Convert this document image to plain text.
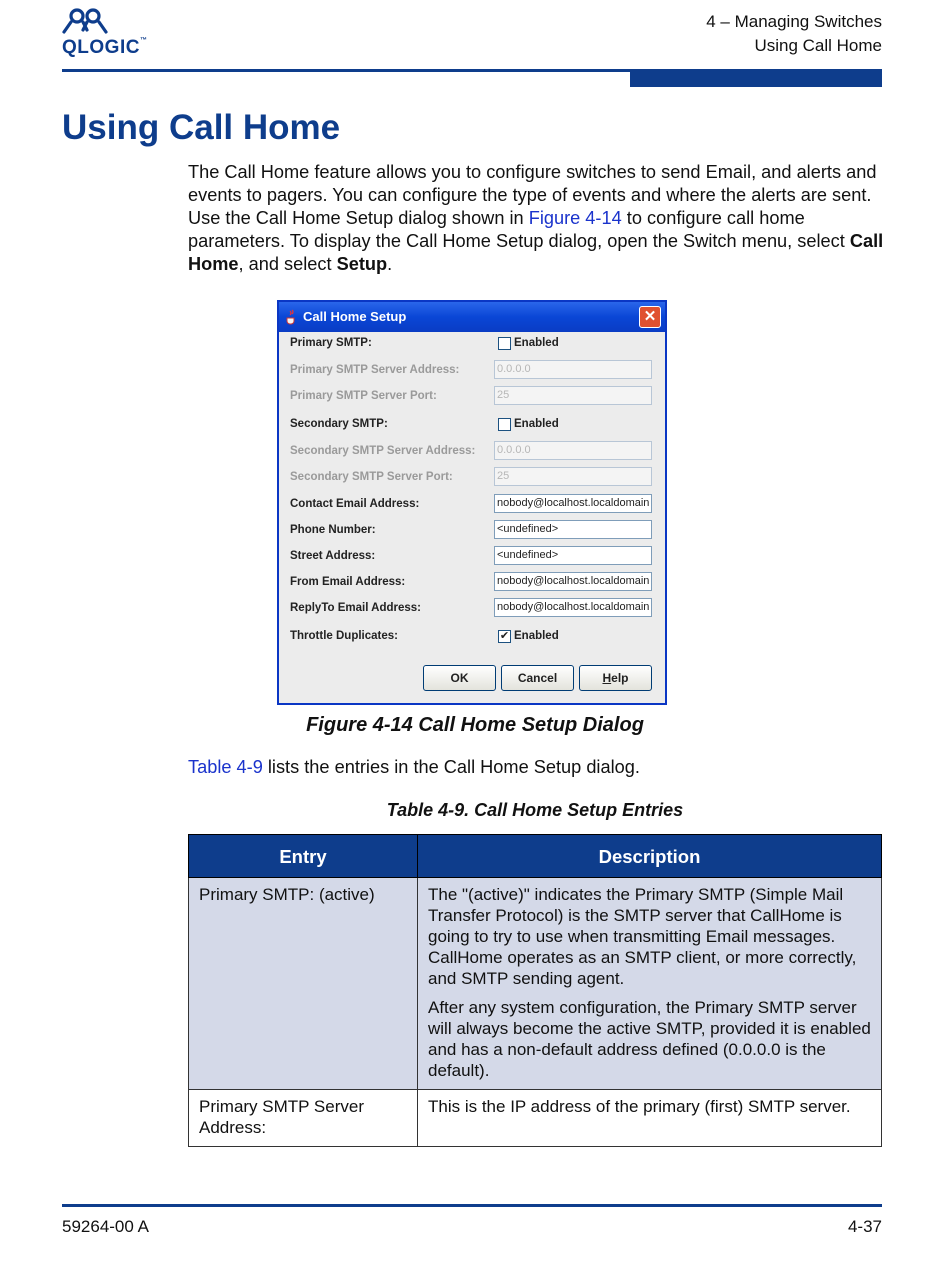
QLOGIC™
4 – Managing Switches
Using Call Home
Using Call Home

The Call Home feature allows you to configure switches to send Email, and alerts and events to pagers. You can configure the type of events and where the alerts are sent. Use the Call Home Setup dialog shown in Figure 4-14 to configure call home parameters. To display the Call Home Setup dialog, open the Switch menu, select Call Home, and select Setup.

Call Home Setup	✕
Primary SMTP:	Enabled
Primary SMTP Server Address:	0.0.0.0
Primary SMTP Server Port:	25
Secondary SMTP:	Enabled
Secondary SMTP Server Address: 0.0.0.0
Secondary SMTP Server Port:	25
Contact Email Address:	nobody@localhost.localdomain
Phone Number:	<undefined>
Street Address:	<undefined>
From Email Address:	nobody@localhost.localdomain
ReplyTo Email Address:	nobody@localhost.localdomain
Throttle Duplicates:	✔ Enabled
OK	Cancel	Help
Figure 4-14 Call Home Setup Dialog
Table 4-9 lists the entries in the Call Home Setup dialog.
Table 4-9. Call Home Setup Entries
Entry	Description
Primary SMTP: (active)	The "(active)" indicates the Primary SMTP (Simple Mail Transfer Protocol) is the SMTP server that CallHome is going to try to use when transmitting Email messages. CallHome operates as an SMTP client, or more correctly, and SMTP sending agent.

After any system configuration, the Primary SMTP server will always become the active SMTP, provided it is enabled and has a non-default address defined (0.0.0.0 is the default).

Primary SMTP Server Address:	This is the IP address of the primary (first) SMTP server.
59264-00 A	4-37
